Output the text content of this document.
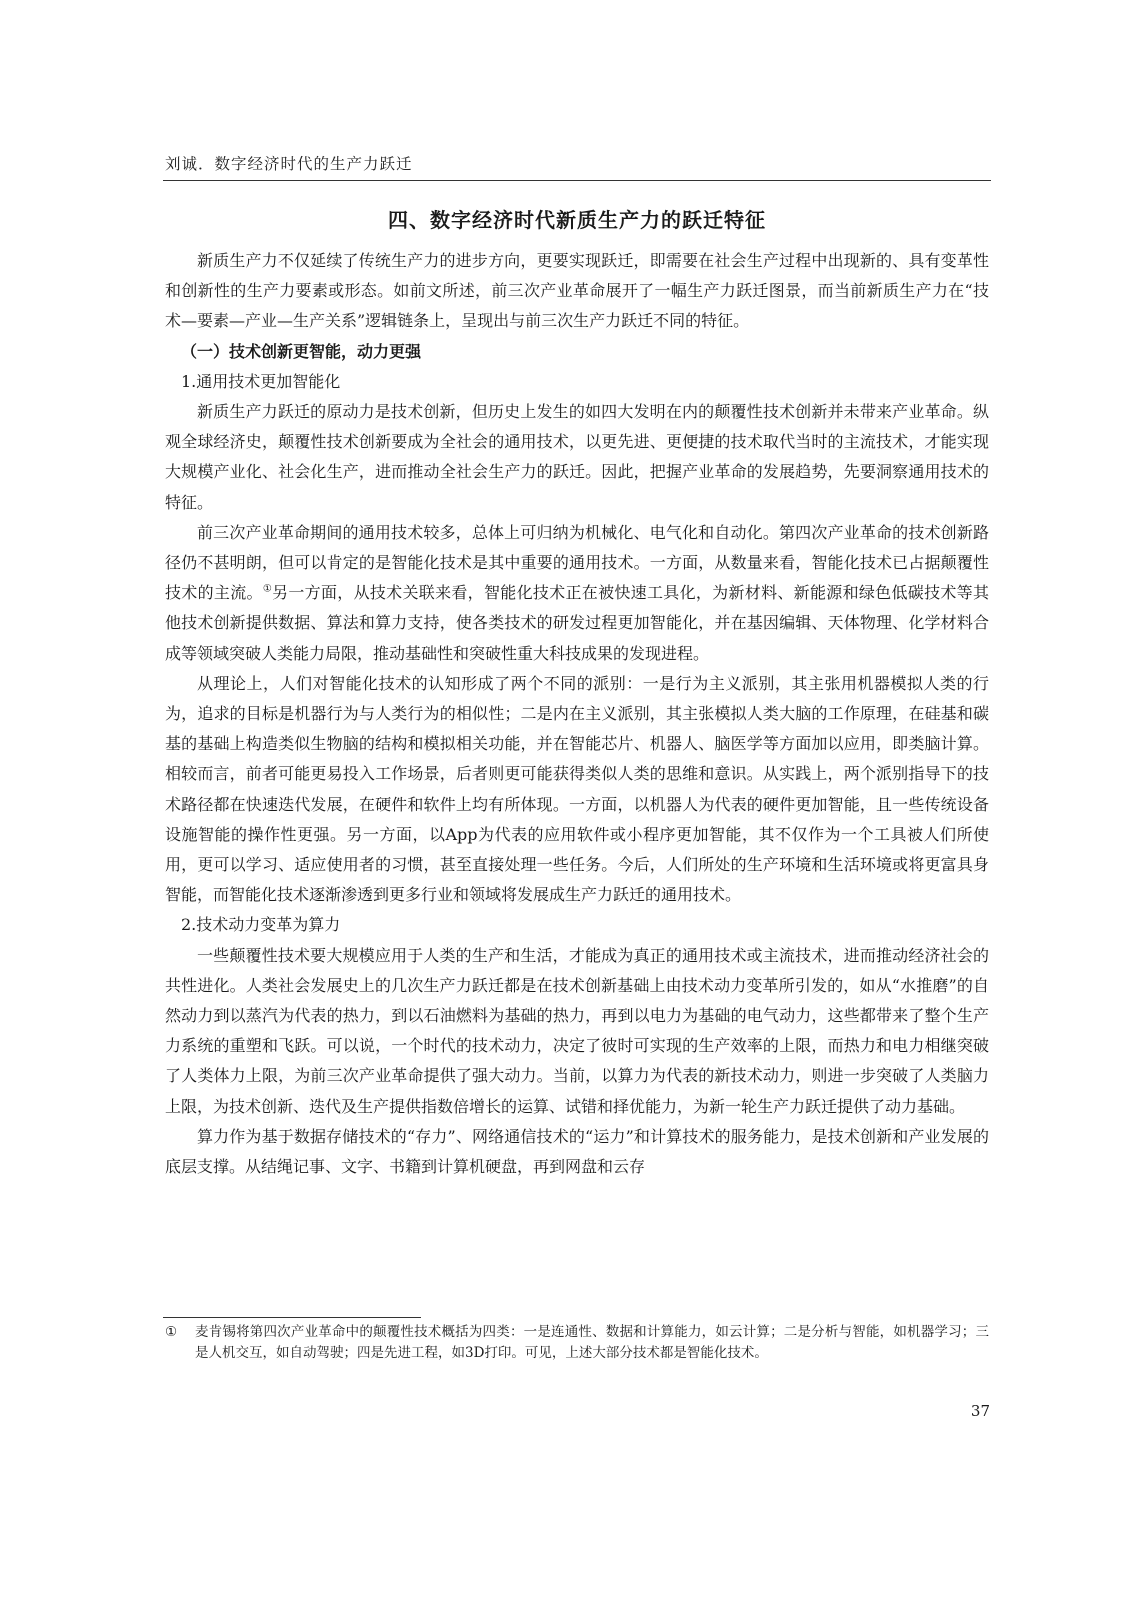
刘诚．数字经济时代的生产力跃迁
四、数字经济时代新质生产力的跃迁特征

新质生产力不仅延续了传统生产力的进步方向，更要实现跃迁，即需要在社会生产过程中出现新的、具有变革性和创新性的生产力要素或形态。如前文所述，前三次产业革命展开了一幅生产力跃迁图景，而当前新质生产力在“技术—要素—产业—生产关系”逻辑链条上，呈现出与前三次生产力跃迁不同的特征。

（一）技术创新更智能，动力更强

1.通用技术更加智能化

新质生产力跃迁的原动力是技术创新，但历史上发生的如四大发明在内的颠覆性技术创新并未带来产业革命。纵观全球经济史，颠覆性技术创新要成为全社会的通用技术，以更先进、更便捷的技术取代当时的主流技术，才能实现大规模产业化、社会化生产，进而推动全社会生产力的跃迁。因此，把握产业革命的发展趋势，先要洞察通用技术的特征。

前三次产业革命期间的通用技术较多，总体上可归纳为机械化、电气化和自动化。第四次产业革命的技术创新路径仍不甚明朗，但可以肯定的是智能化技术是其中重要的通用技术。一方面，从数量来看，智能化技术已占据颠覆性技术的主流。①另一方面，从技术关联来看，智能化技术正在被快速工具化，为新材料、新能源和绿色低碳技术等其他技术创新提供数据、算法和算力支持，使各类技术的研发过程更加智能化，并在基因编辑、天体物理、化学材料合成等领域突破人类能力局限，推动基础性和突破性重大科技成果的发现进程。

从理论上，人们对智能化技术的认知形成了两个不同的派别：一是行为主义派别，其主张用机器模拟人类的行为，追求的目标是机器行为与人类行为的相似性；二是内在主义派别，其主张模拟人类大脑的工作原理，在硅基和碳基的基础上构造类似生物脑的结构和模拟相关功能，并在智能芯片、机器人、脑医学等方面加以应用，即类脑计算。相较而言，前者可能更易投入工作场景，后者则更可能获得类似人类的思维和意识。从实践上，两个派别指导下的技术路径都在快速迭代发展，在硬件和软件上均有所体现。一方面，以机器人为代表的硬件更加智能，且一些传统设备设施智能的操作性更强。另一方面，以App为代表的应用软件或小程序更加智能，其不仅作为一个工具被人们所使用，更可以学习、适应使用者的习惯，甚至直接处理一些任务。今后，人们所处的生产环境和生活环境或将更富具身智能，而智能化技术逐渐渗透到更多行业和领域将发展成生产力跃迁的通用技术。

2.技术动力变革为算力

一些颠覆性技术要大规模应用于人类的生产和生活，才能成为真正的通用技术或主流技术，进而推动经济社会的共性进化。人类社会发展史上的几次生产力跃迁都是在技术创新基础上由技术动力变革所引发的，如从“水推磨”的自然动力到以蒸汽为代表的热力，到以石油燃料为基础的热力，再到以电力为基础的电气动力，这些都带来了整个生产力系统的重塑和飞跃。可以说，一个时代的技术动力，决定了彼时可实现的生产效率的上限，而热力和电力相继突破了人类体力上限，为前三次产业革命提供了强大动力。当前，以算力为代表的新技术动力，则进一步突破了人类脑力上限，为技术创新、迭代及生产提供指数倍增长的运算、试错和择优能力，为新一轮生产力跃迁提供了动力基础。

算力作为基于数据存储技术的“存力”、网络通信技术的“运力”和计算技术的服务能力，是技术创新和产业发展的底层支撑。从结绳记事、文字、书籍到计算机硬盘，再到网盘和云存

①	麦肯锡将第四次产业革命中的颠覆性技术概括为四类：一是连通性、数据和计算能力，如云计算；二是分析与智能，如机器学习；三是人机交互，如自动驾驶；四是先进工程，如3D打印。可见，上述大部分技术都是智能化技术。
37
